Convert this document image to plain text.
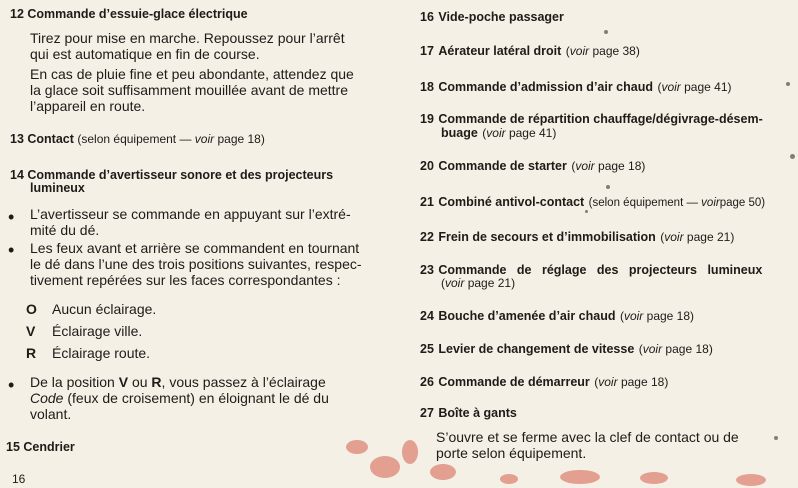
12 Commande d’essuie-glace électrique
Tirez pour mise en marche. Repoussez pour l’arrêt
qui est automatique en fin de course.
En cas de pluie fine et peu abondante, attendez que
la glace soit suffisamment mouillée avant de mettre
l’appareil en route.
13 Contact (selon équipement — voir page 18)
14 Commande d’avertisseur sonore et des projecteurs
lumineux
• L’avertisseur se commande en appuyant sur l’extré-
mité du dé.
• Les feux avant et arrière se commandent en tournant
le dé dans l’une des trois positions suivantes, respec-
tivement repérées sur les faces correspondantes :
O Aucun éclairage.
V Éclairage ville.
R Éclairage route.
• De la position V ou R, vous passez à l’éclairage
Code (feux de croisement) en éloignant le dé du
volant.
15 Cendrier
16
16 Vide-poche passager
17 Aérateur latéral droit (voir page 38)
18 Commande d’admission d’air chaud (voir page 41)
19 Commande de répartition chauffage/dégivrage-désem-
buage (voir page 41)
20 Commande de starter (voir page 18)
21 Combiné antivol-contact (selon équipement — voirpage 50)
22 Frein de secours et d’immobilisation (voir page 21)
23 Commande de réglage des projecteurs lumineux
(voir page 21)
24 Bouche d’amenée d’air chaud (voir page 18)
25 Levier de changement de vitesse (voir page 18)
26 Commande de démarreur (voir page 18)
27 Boîte à gants
S’ouvre et se ferme avec la clef de contact ou de
porte selon équipement.
